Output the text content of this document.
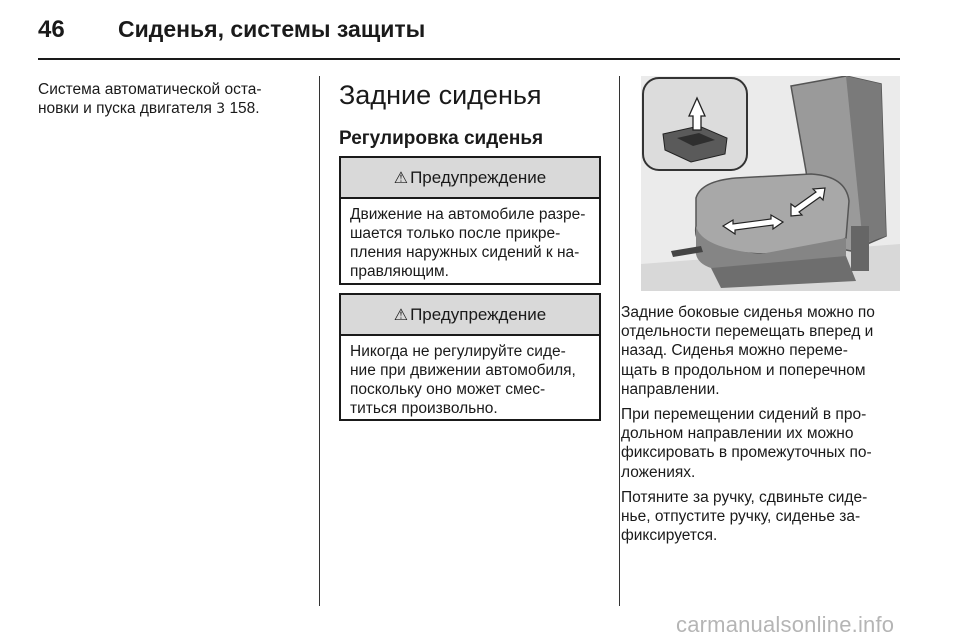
46	Сиденья, системы защиты
Система автоматической оста-
новки и пуска двигателя 3 158.	Задние сиденья
Регулировка сиденья
⚠ Предупреждение
Движение на автомобиле разре-
шается только после прикре-
пления наружных сидений к на-
правляющим.
⚠ Предупреждение
Никогда не регулируйте сиде-
ние при движении автомобиля,
поскольку оно может смес-
титься произвольно.

Задние боковые сиденья можно по
отдельности перемещать вперед и
назад. Сиденья можно переме-
щать в продольном и поперечном
направлении.

При перемещении сидений в про-
дольном направлении их можно
фиксировать в промежуточных по-
ложениях.

Потяните за ручку, сдвиньте сиде-
нье, отпустите ручку, сиденье за-
фиксируется.

carmanualsonline.info
